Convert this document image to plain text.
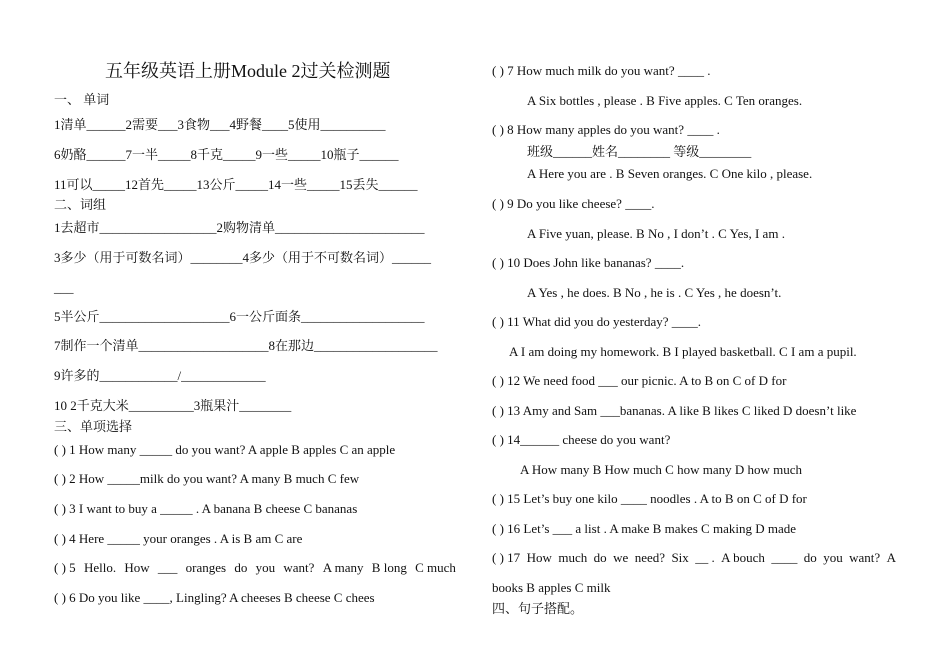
五年级英语上册Module 2过关检测题
一、 单词
1清单______2需要___3食物___4野餐____5使用__________
6奶酪______7一半_____8千克_____9一些_____10瓶子______
11可以_____12首先_____13公斤_____14一些_____15丢失______
二、词组
1去超市__________________2购物清单_______________________
3多少（用于可数名词）________4多少（用于不可数名词）______
___
5半公斤____________________6一公斤面条___________________
7制作一个清单____________________8在那边___________________
9许多的____________/_____________
10 2千克大米__________3瓶果汁________
三、单项选择
( ) 1 How many _____ do you want? A apple B apples C an apple
( ) 2 How _____milk do you want? A many B much C few
( ) 3 I want to buy a _____ . A banana B cheese C bananas
( ) 4 Here _____ your oranges . A is B am C are
( ) 5 Hello. How ___ oranges do you want? A many B long C much
( ) 6 Do you like ____, Lingling? A cheeses B cheese C chees
( ) 7 How much milk do you want? ____ .
A Six bottles , please . B Five apples. C Ten oranges.
( ) 8 How many apples do you want? ____ .
班级______姓名________ 等级________
A Here you are . B Seven oranges. C One kilo , please.
( ) 9 Do you like cheese? ____.
A Five yuan, please. B No , I don’t . C Yes, I am .
( ) 10 Does John like bananas? ____.
A Yes , he does. B No , he is . C Yes , he doesn’t.
( ) 11 What did you do yesterday? ____.
A I am doing my homework. B I played basketball. C I am a pupil.
( ) 12 We need food ___ our picnic. A to B on C of D for
( ) 13 Amy and Sam ___bananas. A like B likes C liked D doesn’t like
( ) 14______ cheese do you want?
A How many B How much C how many D how much
( ) 15 Let’s buy one kilo ____ noodles . A to B on C of D for
( ) 16 Let’s ___ a list . A make B makes C making D made
( ) 17 How much do we need? Six __ . A bouch ____ do you want? A
books B apples C milk
四、句子搭配。
